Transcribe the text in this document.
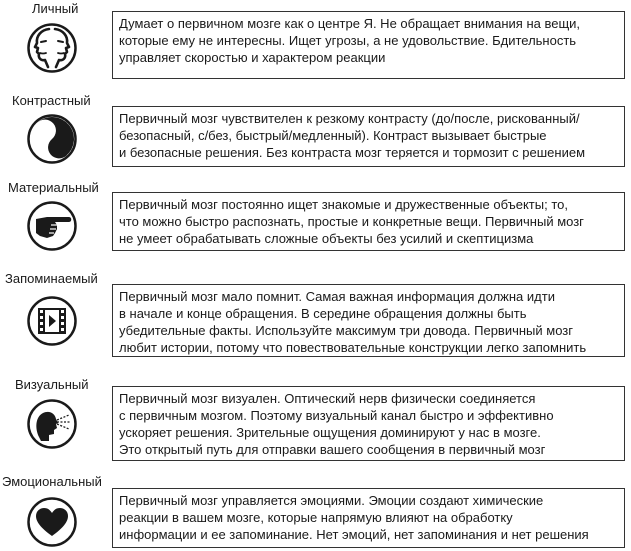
Личный
Думает о первичном мозге как о центре Я. Не обращает внимания на вещи,
которые ему не интересны. Ищет угрозы, а не удовольствие. Бдительность
управляет скоростью и характером реакции
Контрастный
Первичный мозг чувствителен к резкому контрасту (до/после, рискованный/
безопасный, с/без, быстрый/медленный). Контраст вызывает быстрые
и безопасные решения. Без контраста мозг теряется и тормозит с решением
Материальный
Первичный мозг постоянно ищет знакомые и дружественные объекты; то,
что можно быстро распознать, простые и конкретные вещи. Первичный мозг
не умеет обрабатывать сложные объекты без усилий и скептицизма
Запоминаемый
Первичный мозг мало помнит. Самая важная информация должна идти
в начале и конце обращения. В середине обращения должны быть
убедительные факты. Используйте максимум три довода. Первичный мозг
любит истории, потому что повествовательные конструкции легко запомнить
Визуальный
Первичный мозг визуален. Оптический нерв физически соединяется
с первичным мозгом. Поэтому визуальный канал быстро и эффективно
ускоряет решения. Зрительные ощущения доминируют у нас в мозге.
Это открытый путь для отправки вашего сообщения в первичный мозг
Эмоциональный
Первичный мозг управляется эмоциями. Эмоции создают химические
реакции в вашем мозге, которые напрямую влияют на обработку
информации и ее запоминание. Нет эмоций, нет запоминания и нет решения
